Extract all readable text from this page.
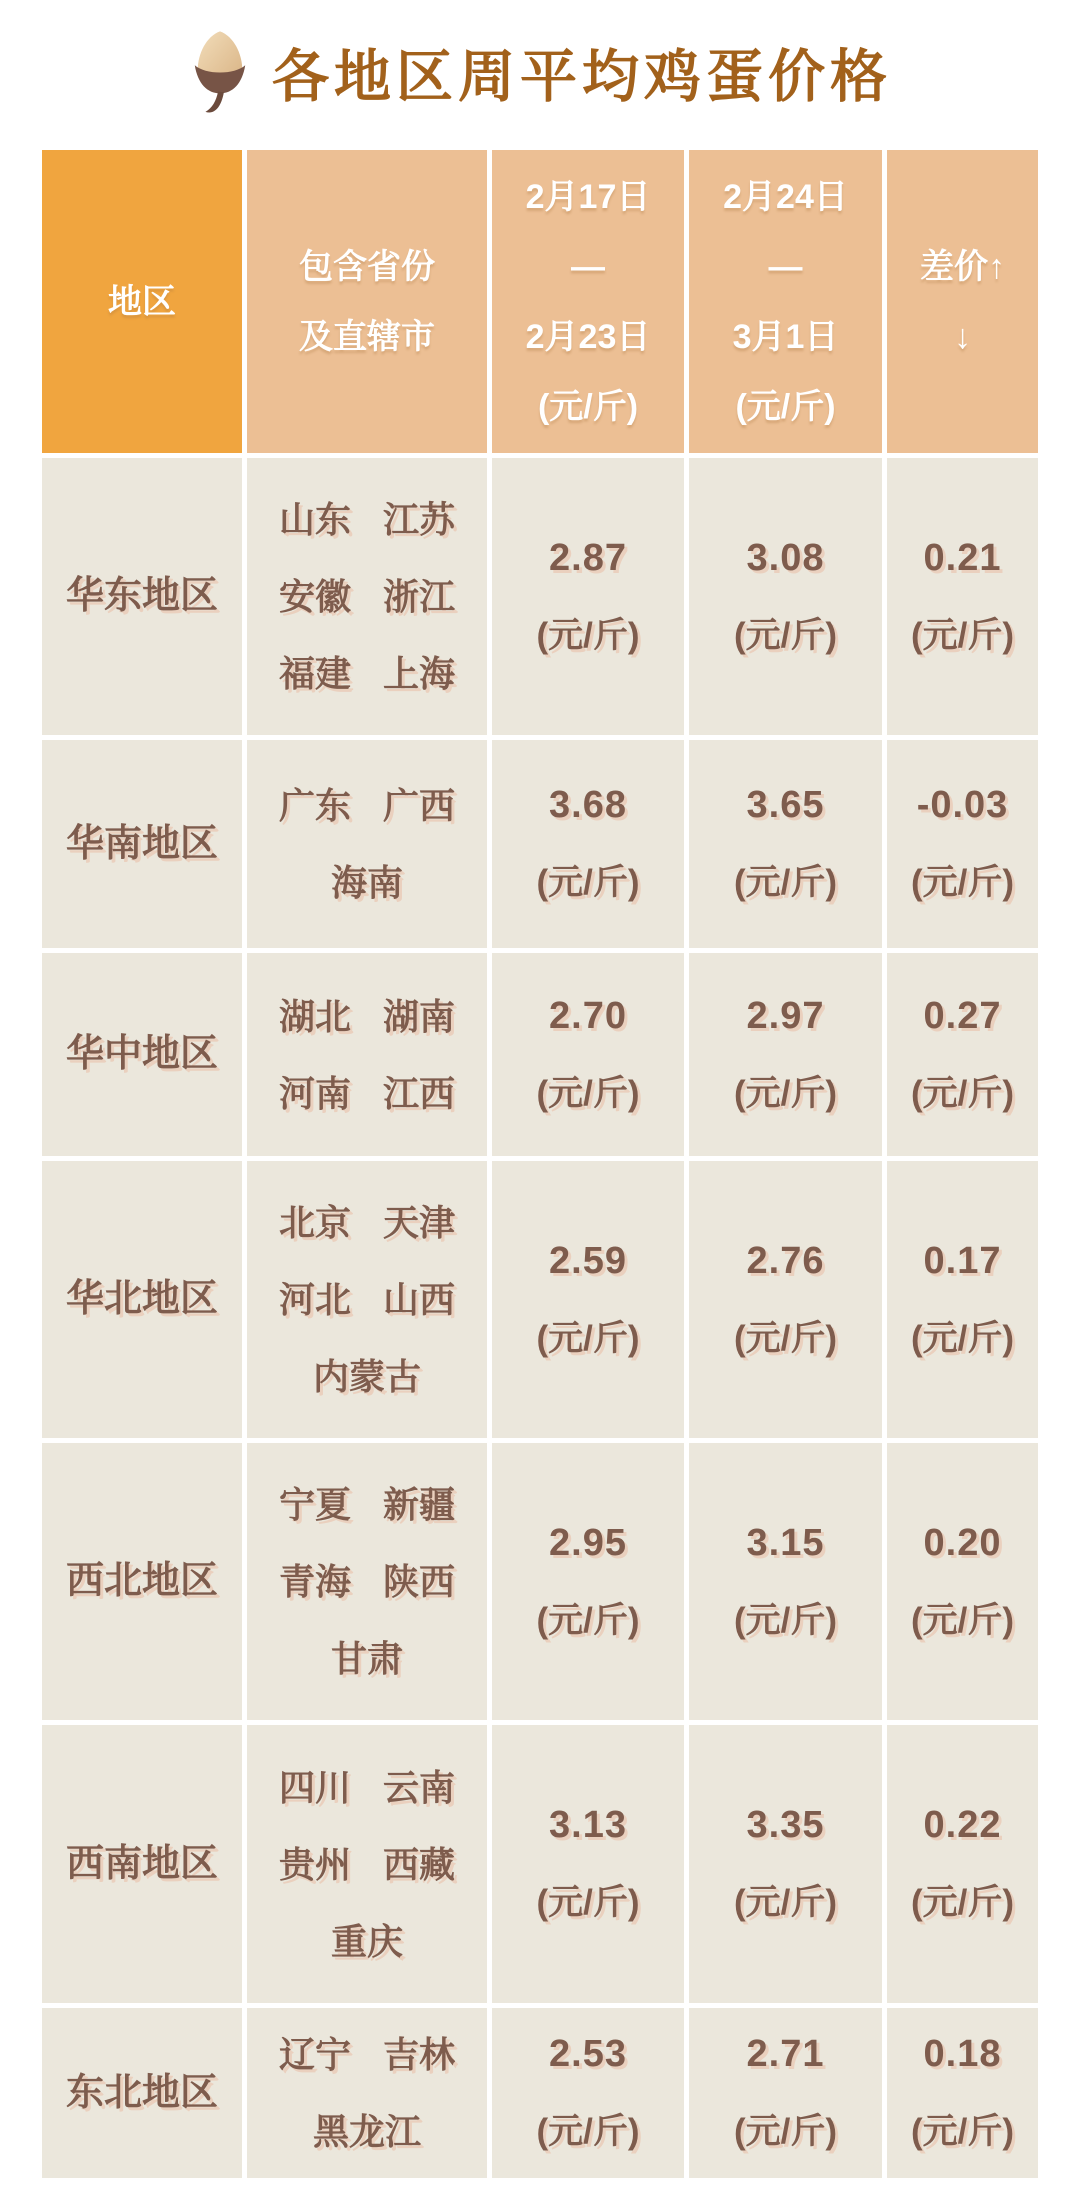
各地区周平均鸡蛋价格
地区
包含省份
及直辖市
2月17日
—
2月23日
(元/斤)
2月24日
—
3月1日
(元/斤)
差价↑
↓
华东地区
山东 江苏
安徽 浙江
福建 上海
2.87
(元/斤)
3.08
(元/斤)
0.21
(元/斤)
华南地区
广东 广西
海南
3.68
(元/斤)
3.65
(元/斤)
-0.03
(元/斤)
华中地区
湖北 湖南
河南 江西
2.70
(元/斤)
2.97
(元/斤)
0.27
(元/斤)
华北地区
北京 天津
河北 山西
内蒙古
2.59
(元/斤)
2.76
(元/斤)
0.17
(元/斤)
西北地区
宁夏 新疆
青海 陕西
甘肃
2.95
(元/斤)
3.15
(元/斤)
0.20
(元/斤)
西南地区
四川 云南
贵州 西藏
重庆
3.13
(元/斤)
3.35
(元/斤)
0.22
(元/斤)
东北地区
辽宁 吉林
黑龙江
2.53
(元/斤)
2.71
(元/斤)
0.18
(元/斤)
